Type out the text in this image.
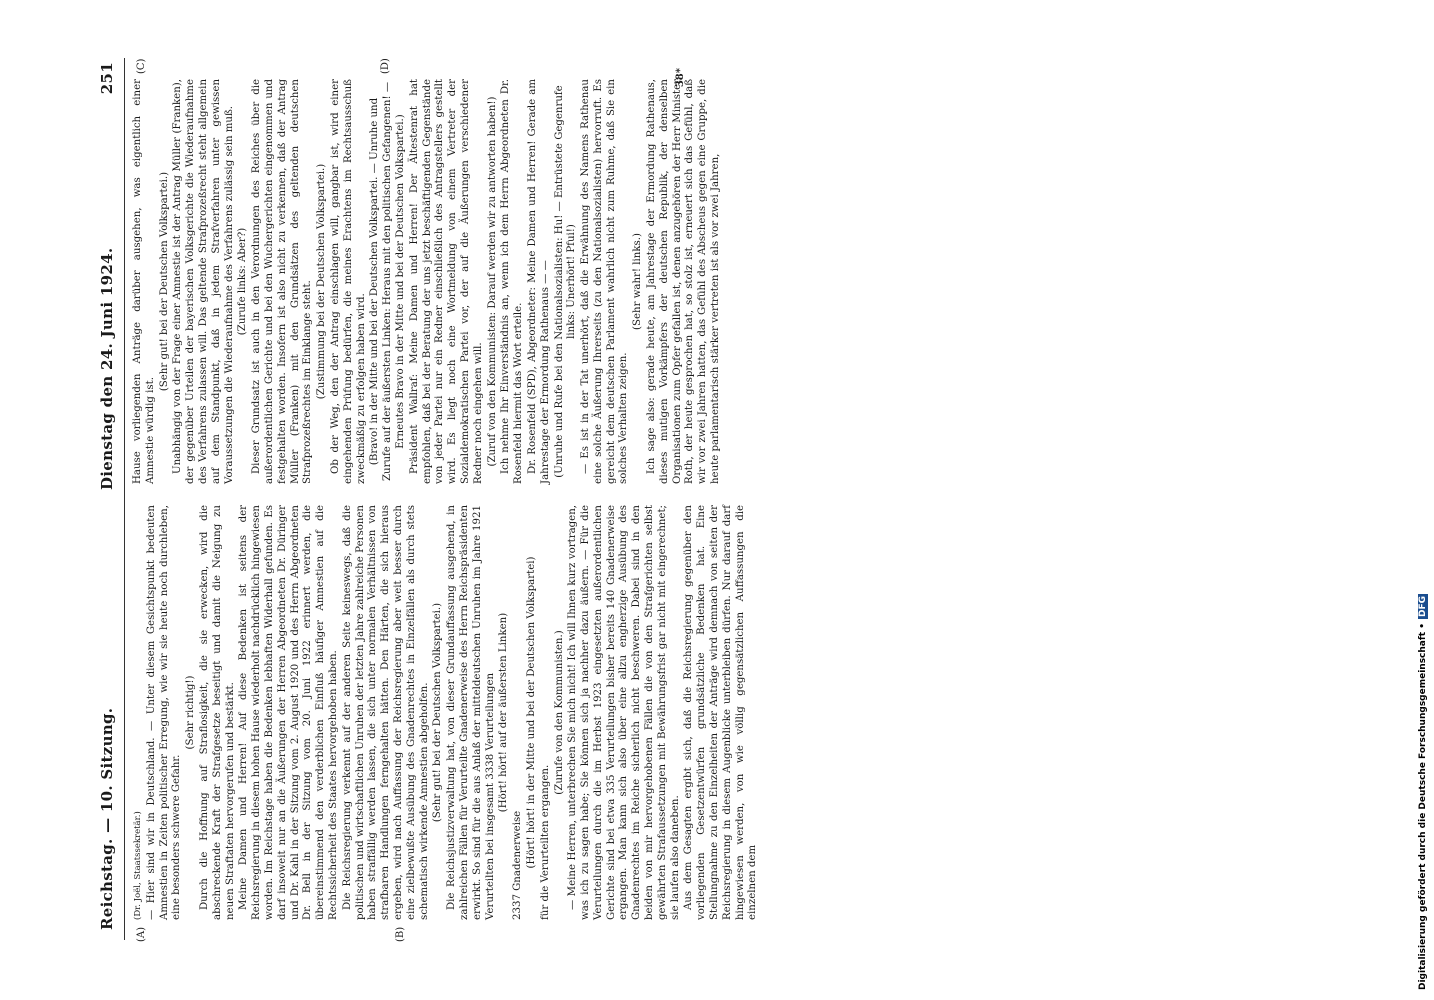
Reichstag. — 10. Sitzung.
Dienstag den 24. Juni 1924.
251
(A)	(B)
(C)	(D)

(Dr. Joël, Staatssekretär.) — Hier sind wir in Deutschland. — Unter diesem Gesichtspunkt bedeuten Amnestien in Zeiten politischer Erregung, wie wir sie heute noch durchleben, eine besonders schwere Gefahr.

(Sehr richtig!) Durch die Hoffnung auf Straflosigkeit, die sie erwecken, wird die abschreckende Kraft der Strafgesetze beseitigt und damit die Neigung zu neuen Straftaten hervorgerufen und bestärkt. Meine Damen und Herren! Auf diese Bedenken ist seitens der Reichsregierung in diesem hohen Hause wiederholt nachdrücklich hingewiesen worden. Im Reichstage haben die Bedenken lebhaften Widerhall gefunden. Es darf insoweit nur an die Äußerungen der Herren Abgeordneten Dr. Düringer und Dr. Kahl in der Sitzung vom 2. August 1920 und des Herrn Abgeordneten Dr. Bell in der Sitzung vom 20. Juni 1922 erinnert werden, die übereinstimmend den verderblichen Einfluß häufiger Amnestien auf die Rechtssicherheit des Staates hervorgehoben haben. Die Reichsregierung verkennt auf der anderen Seite keineswegs, daß die politischen und wirtschaftlichen Unruhen der letzten Jahre zahlreiche Personen haben straffällig werden lassen, die sich unter normalen Verhältnissen von strafbaren Handlungen ferngehalten hätten. Den Härten, die sich hieraus ergeben, wird nach Auffassung der Reichsregierung aber weit besser durch eine zielbewußte Ausübung des Gnadenrechtes in Einzelfällen als durch stets schematisch wirkende Amnestien abgeholfen. (Sehr gut! bei der Deutschen Volkspartei.) Die Reichsjustizverwaltung hat, von dieser Grundauffassung ausgehend, in zahlreichen Fällen für Verurteilte Gnadenerweise des Herrn Reichspräsidenten erwirkt. So sind für die aus Anlaß der mitteldeutschen Unruhen im Jahre 1921 Verurteilten bei insgesamt 3338 Verurteilungen (Hört! hört! auf der äußersten Linken)

2337 Gnadenerweise (Hört! hört! in der Mitte und bei der Deutschen Volkspartei) für die Verurteilten ergangen.

(Zurufe von den Kommunisten.) — Meine Herren, unterbrechen Sie mich nicht! Ich will Ihnen kurz vortragen, was ich zu sagen habe; Sie können sich ja nachher dazu äußern. — Für die Verurteilungen durch die im Herbst 1923 eingesetzten außerordentlichen Gerichte sind bei etwa 335 Verurteilungen bisher bereits 140 Gnadenerweise ergangen. Man kann sich also über eine allzu engherzige Ausübung des Gnadenrechtes im Reiche sicherlich nicht beschweren. Dabei sind in den beiden von mir hervorgehobenen Fällen die von den Strafgerichten selbst gewährten Strafaussetzungen mit Bewährungsfrist gar nicht mit eingerechnet; sie laufen also daneben. Aus dem Gesagten ergibt sich, daß die Reichsregierung gegenüber den vorliegenden Gesetzentwürfen grundsätzliche Bedenken hat. Eine Stellungnahme zu den Einzelheiten der Anträge wird demnach von seiten der Reichsregierung in diesem Augenblicke unterbleiben dürfen. Nur darauf darf hingewiesen werden, von wie völlig gegensätzlichen Auffassungen die einzelnen dem

Hause vorliegenden Anträge darüber ausgehen, was eigentlich einer Amnestie würdig ist.

(Sehr gut! bei der Deutschen Volkspartei.) Unabhängig von der Frage einer Amnestie ist der Antrag Müller (Franken), der gegenüber Urteilen der bayerischen Volksgerichte die Wiederaufnahme des Verfahrens zulassen will. Das geltende Strafprozeßrecht steht allgemein auf dem Standpunkt, daß in jedem Strafverfahren unter gewissen Voraussetzungen die Wiederaufnahme des Verfahrens zulässig sein muß. (Zurufe links: Aber?) Dieser Grundsatz ist auch in den Verordnungen des Reiches über die außerordentlichen Gerichte und bei den Wuchergerichten eingenommen und festgehalten worden. Insofern ist also nicht zu verkennen, daß der Antrag Müller (Franken) mit den Grundsätzen des geltenden deutschen Strafprozeßrechtes im Einklange steht. (Zustimmung bei der Deutschen Volkspartei.) Ob der Weg, den der Antrag einschlagen will, gangbar ist, wird einer eingehenden Prüfung bedürfen, die meines Erachtens im Rechtsausschuß zweckmäßig zu erfolgen haben wird. (Bravo! in der Mitte und bei der Deutschen Volkspartei. — Unruhe und Zurufe auf der äußersten Linken: Heraus mit den politischen Gefangenen! — Erneutes Bravo in der Mitte und bei der Deutschen Volkspartei.) Präsident Wallraf: Meine Damen und Herren! Der Ältestenrat hat empfohlen, daß bei der Beratung der uns jetzt beschäftigenden Gegenstände von jeder Partei nur ein Redner einschließlich des Antragstellers gestellt wird. Es liegt noch eine Wortmeldung von einem Vertreter der Sozialdemokratischen Partei vor, der auf die Äußerungen verschiedener Redner noch eingehen will. (Zuruf von den Kommunisten: Darauf werden wir zu antworten haben!) Ich nehme Ihr Einverständnis an, wenn ich dem Herrn Abgeordneten Dr. Rosenfeld hiermit das Wort erteile. Dr. Rosenfeld (SPD), Abgeordneter: Meine Damen und Herren! Gerade am Jahrestage der Ermordung Rathenaus — — (Unruhe und Rufe bei den Nationalsozialisten: Hu! — Entrüstete Gegenrufe links: Unerhört! Pfui!) — Es ist in der Tat unerhört, daß die Erwähnung des Namens Rathenau eine solche Äußerung Ihrerseits (zu den Nationalsozialisten) hervorruft. Es gereicht dem deutschen Parlament wahrlich nicht zum Ruhme, daß Sie ein solches Verhalten zeigen.

(Sehr wahr! links.) Ich sage also: gerade heute, am Jahrestage der Ermordung Rathenaus, dieses mutigen Vorkämpfers der deutschen Republik, der denselben Organisationen zum Opfer gefallen ist, denen anzugehören der Herr Minister Roth, der heute gesprochen hat, so stolz ist, erneuert sich das Gefühl, daß wir vor zwei Jahren hatten, das Gefühl des Abscheus gegen eine Gruppe, die heute parlamentarisch stärker vertreten ist als vor zwei Jahren,

38*
Digitalisierung gefördert durch die Deutsche Forschungsgemeinschaft •DFG
